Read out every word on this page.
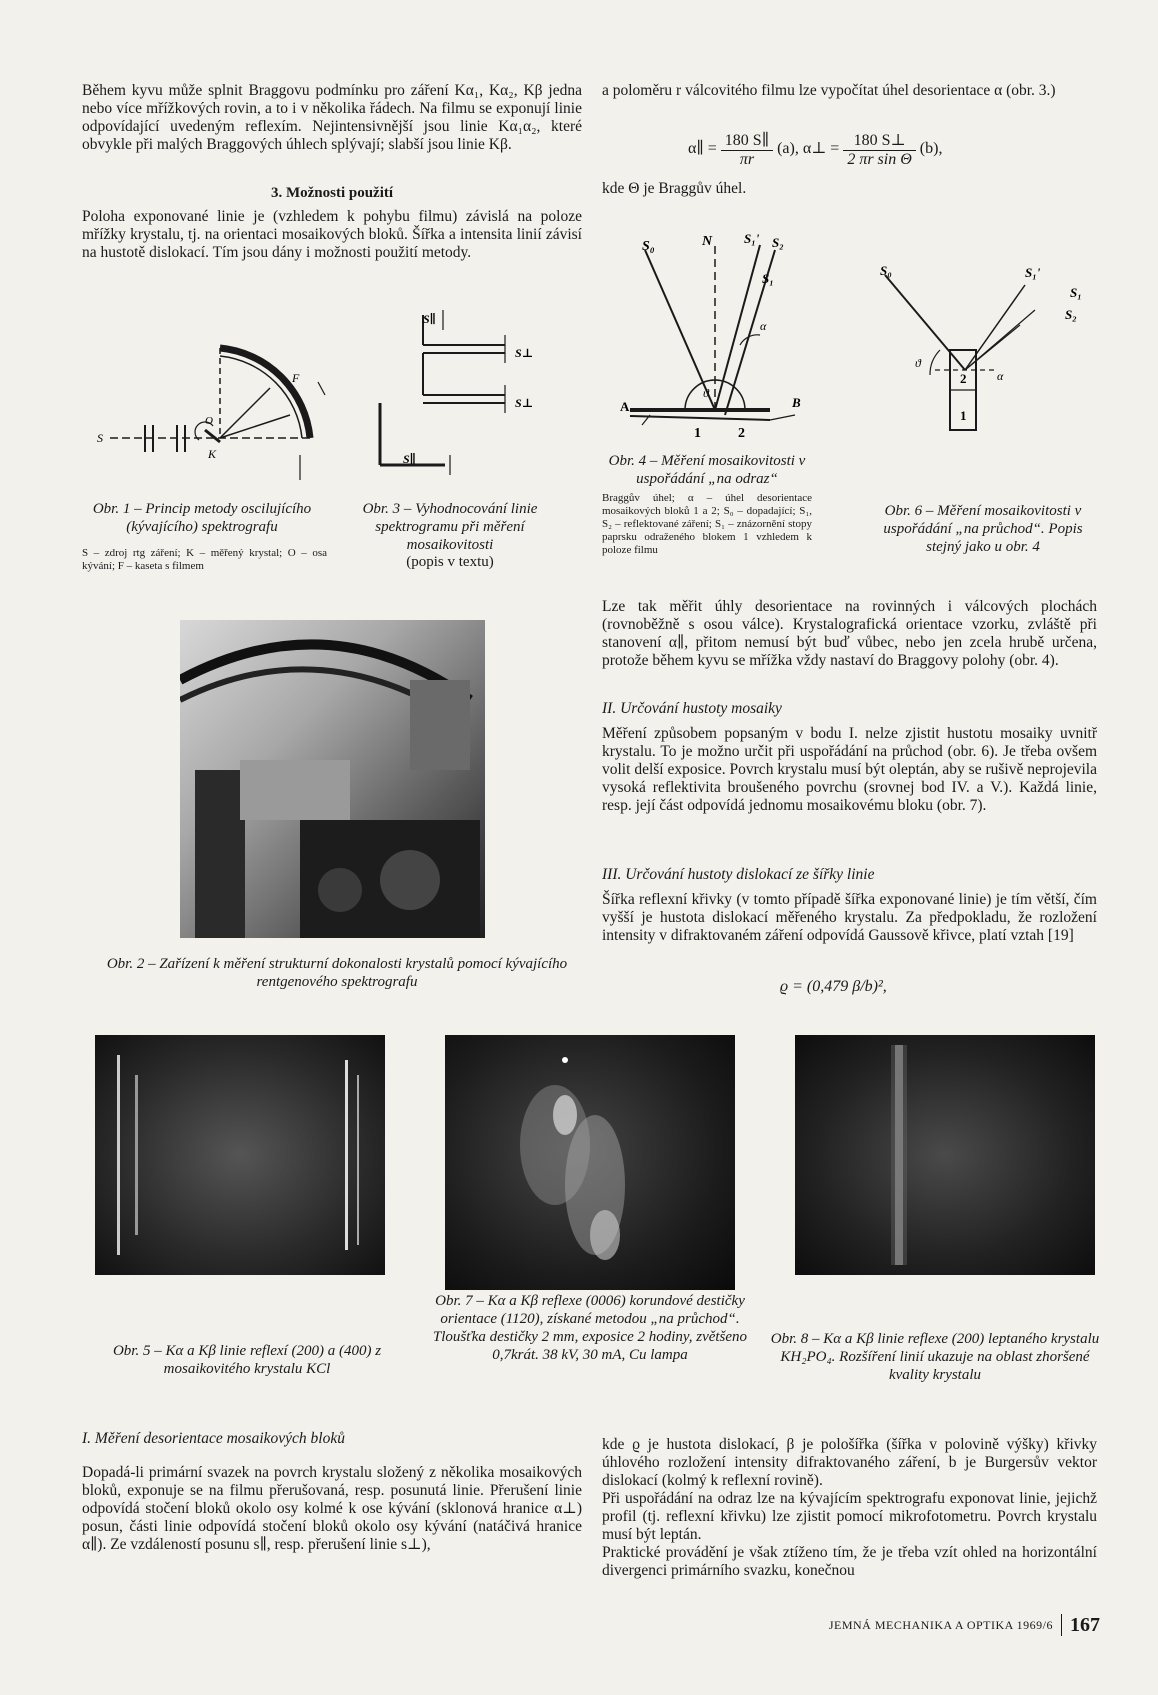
Během kyvu může splnit Braggovu podmínku pro záření Kα₁, Kα₂, Kβ jedna nebo více mřížkových rovin, a to i v několika řádech. Na filmu se exponují linie odpovídající uvedeným reflexím. Nejintensivnější jsou linie Kα₁α₂, které obvykle při malých Braggových úhlech splývají; slabší jsou linie Kβ.
3. Možnosti použití
Poloha exponované linie je (vzhledem k pohybu filmu) závislá na poloze mřížky krystalu, tj. na orientaci mosaikových bloků. Šířka a intensita linií závisí na hustotě dislokací. Tím jsou dány i možnosti použití metody.
a poloměru r válcovitého filmu lze vypočítat úhel desorientace α (obr. 3.)
α∥ = $\frac{180 S\parallel}{\pi r} (a)$, α⊥ = $\frac{180 S\perp}{\text{2 πr sin Θ}} (b)$,
kde Θ je Braggův úhel.
S
K
O
F
Obr. 1 – Princip metody oscilujícího (kývajícího) spektrografu
S – zdroj rtg záření; K – měřený krystal; O – osa kývání; F – kaseta s filmem
S∥
S⊥
S⊥
S∥
Obr. 3 – Vyhodnocování linie spektrogramu při měření mosaikovitosti
(popis v textu)
S₀	N S₁' S₂
S₁
A	B
1	2
α
ϑ
Obr. 4 – Měření mosaikovitosti v uspořádání „na odraz“
Braggův úhel; α – úhel desorientace mosaikových bloků 1 a 2; S₀ – dopadající; S₁, S₂ – reflektované záření; S₁ – znázornění stopy paprsku odraženého blokem 1 vzhledem k poloze filmu
S₀	S₁'
S₁
S₂
1
2
ϑ
α
Obr. 6 – Měření mosaikovitosti v uspořádání „na průchod“. Popis stejný jako u obr. 4
Obr. 2 – Zařízení k měření strukturní dokonalosti krystalů pomocí kývajícího rentgenového spektrografu
Lze tak měřit úhly desorientace na rovinných i válcových plochách (rovnoběžně s osou válce). Krystalografická orientace vzorku, zvláště při stanovení α∥, přitom nemusí být buď vůbec, nebo jen zcela hrubě určena, protože během kyvu se mřížka vždy nastaví do Braggovy polohy (obr. 4).
II. Určování hustoty mosaiky
Měření způsobem popsaným v bodu I. nelze zjistit hustotu mosaiky uvnitř krystalu. To je možno určit při uspořádání na průchod (obr. 6). Je třeba ovšem volit delší exposice. Povrch krystalu musí být oleptán, aby se rušivě neprojevila vysoká reflektivita broušeného povrchu (srovnej bod IV. a V.). Každá linie, resp. její část odpovídá jednomu mosaikovému bloku (obr. 7).
III. Určování hustoty dislokací ze šířky linie
Šířka reflexní křivky (v tomto případě šířka exponované linie) je tím větší, čím vyšší je hustota dislokací měřeného krystalu. Za předpokladu, že rozložení intensity v difraktovaném záření odpovídá Gaussově křivce, platí vztah [19]
ϱ = (0,479 β/b)²,
Obr. 5 – Kα a Kβ linie reflexí (200) a (400) z mosaikovitého krystalu KCl
Obr. 7 – Kα a Kβ reflexe (0006) korundové destičky orientace (1120), získané metodou „na průchod“. Tloušťka destičky 2 mm, exposice 2 hodiny, zvětšeno 0,7krát. 38 kV, 30 mA, Cu lampa
Obr. 8 – Kα a Kβ linie reflexe (200) leptaného krystalu KH₂PO₄. Rozšíření linií ukazuje na oblast zhoršené kvality krystalu
I. Měření desorientace mosaikových bloků
Dopadá-li primární svazek na povrch krystalu složený z několika mosaikových bloků, exponuje se na filmu přerušovaná, resp. posunutá linie. Přerušení linie odpovídá stočení bloků okolo osy kolmé k ose kývání (sklonová hranice α⊥) posun, části linie odpovídá stočení bloků okolo osy kývání (natáčivá hranice α∥). Ze vzdáleností posunu s∥, resp. přerušení linie s⊥),
kde ϱ je hustota dislokací, β je pološířka (šířka v polovině výšky) křivky úhlového rozložení intensity difraktovaného záření, b je Burgersův vektor dislokací (kolmý k reflexní rovině).
Při uspořádání na odraz lze na kývajícím spektrografu exponovat linie, jejichž profil (tj. reflexní křivku) lze zjistit pomocí mikrofotometru. Povrch krystalu musí být leptán.
Praktické provádění je však ztíženo tím, že je třeba vzít ohled na horizontální divergenci primárního svazku, konečnou
JEMNÁ MECHANIKA A OPTIKA 1969/6 167
